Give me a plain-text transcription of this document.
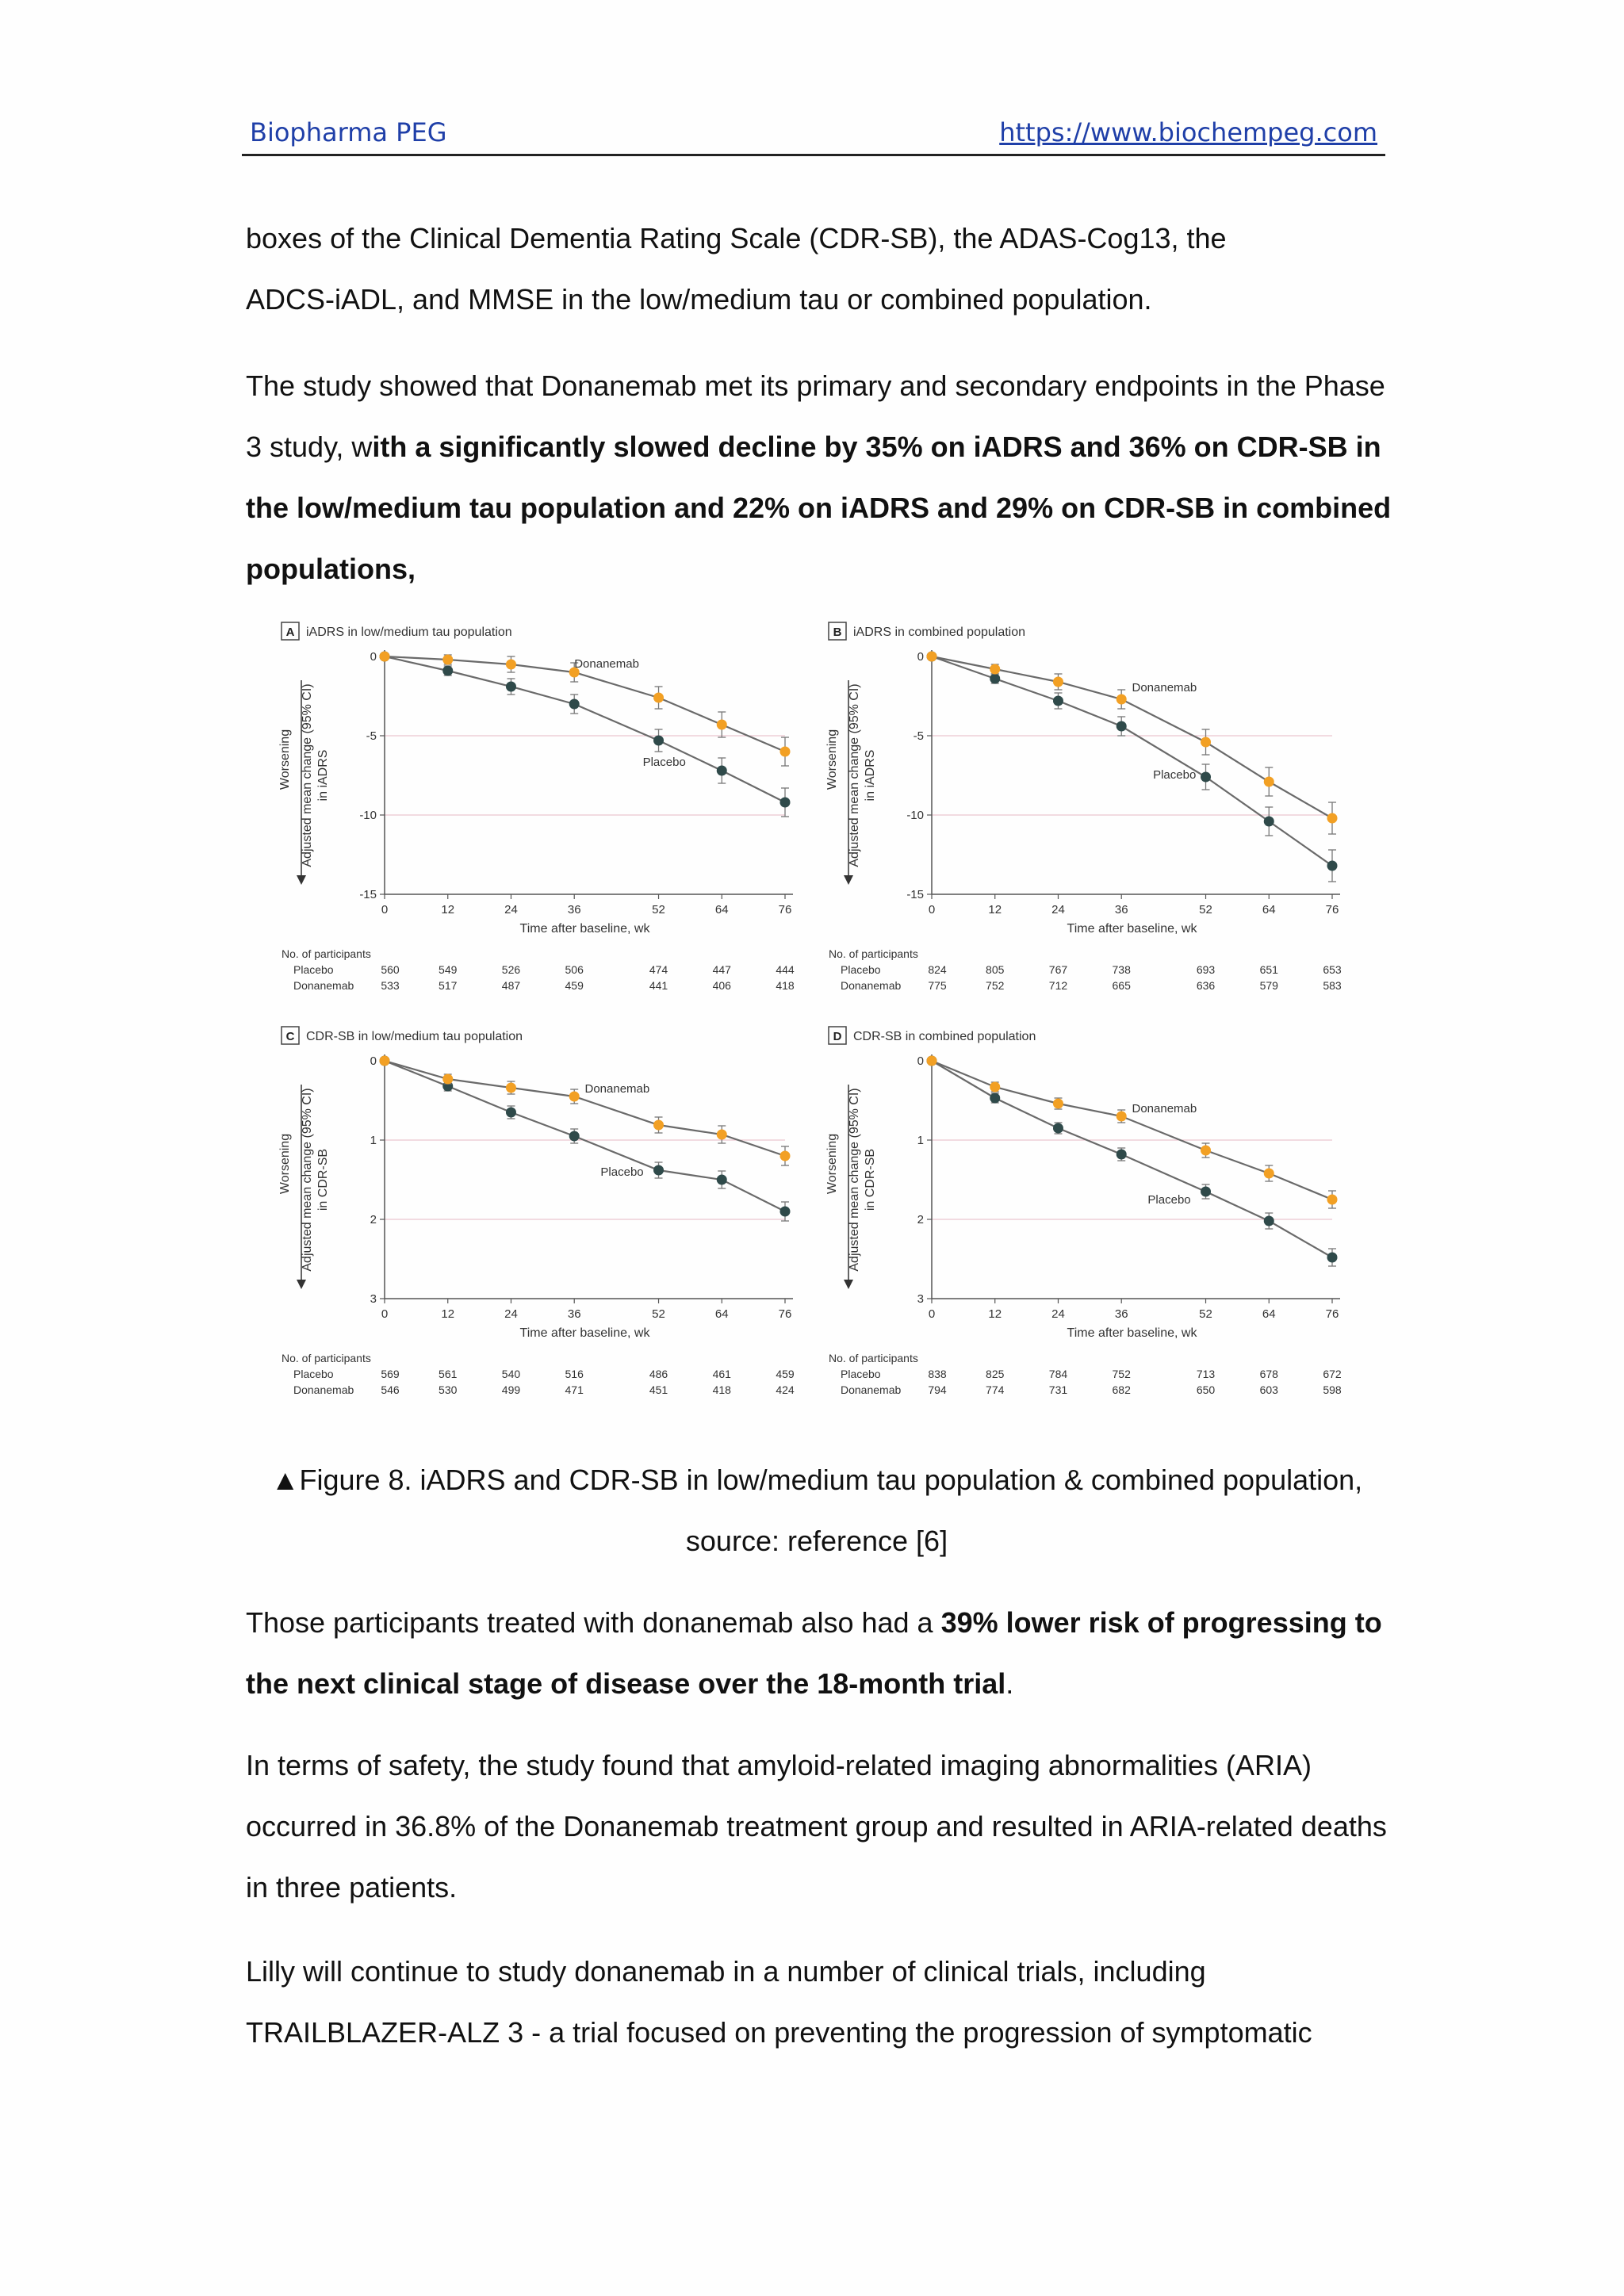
Biopharma PEG	https://www.biochempeg.com

boxes of the Clinical Dementia Rating Scale (CDR-SB), the ADAS-Cog13, the
ADCS-iADL, and MMSE in the low/medium tau or combined population.

The study showed that Donanemab met its primary and secondary endpoints in the Phase 3 study, with a significantly slowed decline by 35% on iADRS and 36% on CDR-SB in the low/medium tau population and 22% on iADRS and 29% on CDR-SB in combined populations,

A iADRS in low/medium tau population
0
-5
-10
-15
0	12	24	36	52	64	76
Time after baseline, wk
Adjusted mean change (95% CI) in iADRS
Worsening	Placebo
Donanemab
No. of participants
Placebo	560	549	526	506	474	447	444
Donanemab 533	517	487	459	441	406	418
B iADRS in combined population
0
-5
-10
-15
0	12	24	36	52	64	76
Time after baseline, wk
Adjusted mean change (95% CI) in iADRS
Worsening	Placebo
Donanemab
No. of participants
Placebo	824	805	767	738	693	651	653
Donanemab 775	752	712	665	636	579	583
C CDR-SB in low/medium tau population
0
1
2
3
0	12	24	36	52	64	76
Time after baseline, wk
Adjusted mean change (95% CI) in CDR-SB
Worsening	Placebo
Donanemab
No. of participants
Placebo	569	561	540	516	486	461	459
Donanemab 546	530	499	471	451	418	424
D CDR-SB in combined population
0
1
2
3
0	12	24	36	52	64	76
Time after baseline, wk
Adjusted mean change (95% CI) in CDR-SB
Worsening
Placebo
Donanemab
No. of participants
Placebo	838	825	784	752	713	678	672
Donanemab 794	774	731	682	650	603	598
▲Figure 8. iADRS and CDR-SB in low/medium tau population & combined population,
source: reference [6]

Those participants treated with donanemab also had a 39% lower risk of progressing to the next clinical stage of disease over the 18-month trial.

In terms of safety, the study found that amyloid-related imaging abnormalities (ARIA) occurred in 36.8% of the Donanemab treatment group and resulted in ARIA-related deaths in three patients.

Lilly will continue to study donanemab in a number of clinical trials, including TRAILBLAZER-ALZ 3 - a trial focused on preventing the progression of symptomatic
